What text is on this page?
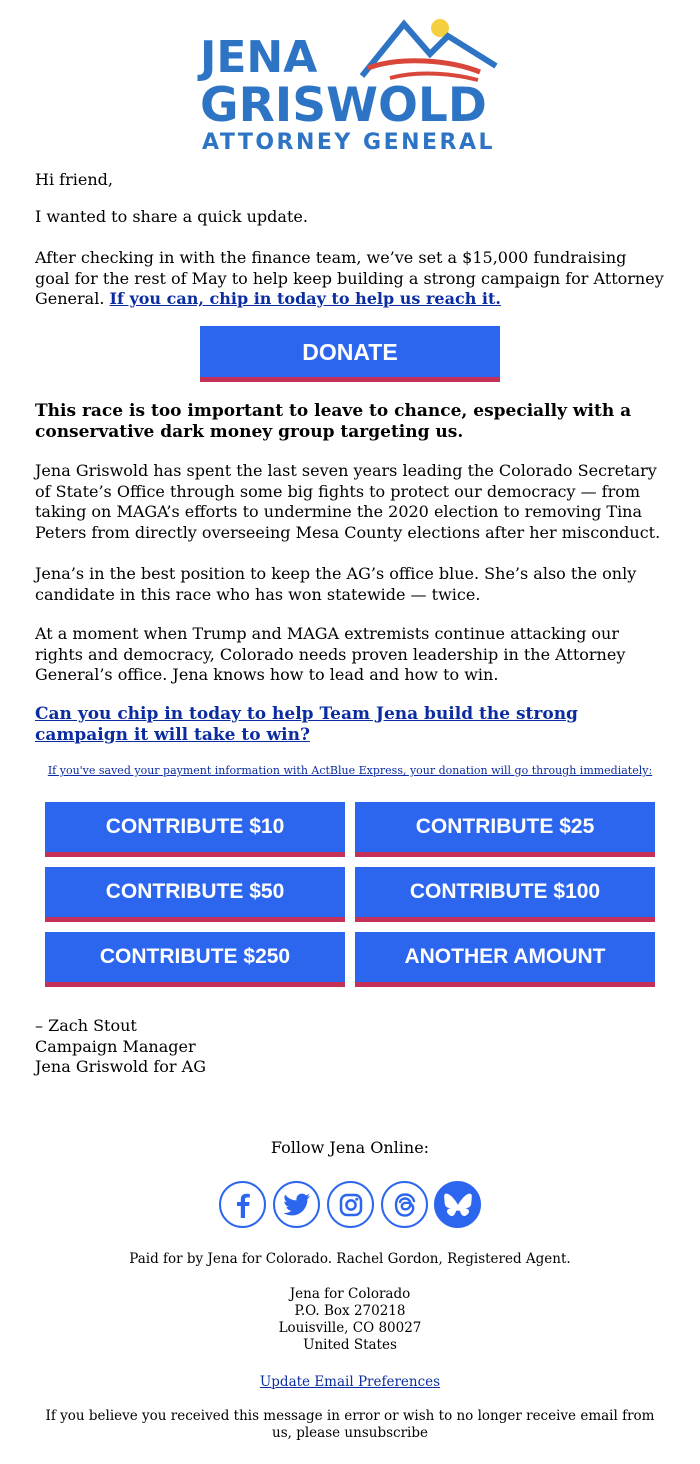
JENA
GRISWOLD
ATTORNEY GENERAL

Hi friend,

I wanted to share a quick update.

After checking in with the finance team, we’ve set a $15,000 fundraising goal for the rest of May to help keep building a strong campaign for Attorney General. If you can, chip in today to help us reach it.

DONATE
This race is too important to leave to chance, especially with a conservative dark money group targeting us.
Jena Griswold has spent the last seven years leading the Colorado Secretary of State’s Office through some big fights to protect our democracy — from taking on MAGA’s efforts to undermine the 2020 election to removing Tina Peters from directly overseeing Mesa County elections after her misconduct.
Jena’s in the best position to keep the AG’s office blue. She’s also the only candidate in this race who has won statewide — twice.
At a moment when Trump and MAGA extremists continue attacking our rights and democracy, Colorado needs proven leadership in the Attorney General’s office. Jena knows how to lead and how to win.
Can you chip in today to help Team Jena build the strong campaign it will take to win?
If you've saved your payment information with ActBlue Express, your donation will go through immediately:
CONTRIBUTE $10	CONTRIBUTE $25
CONTRIBUTE $50	CONTRIBUTE $100
CONTRIBUTE $250	ANOTHER AMOUNT
– Zach Stout
Campaign Manager
Jena Griswold for AG
Follow Jena Online:
Paid for by Jena for Colorado. Rachel Gordon, Registered Agent.
Jena for Colorado
P.O. Box 270218
Louisville, CO 80027
United States
Update Email Preferences
If you believe you received this message in error or wish to no longer receive email from us, please unsubscribe
